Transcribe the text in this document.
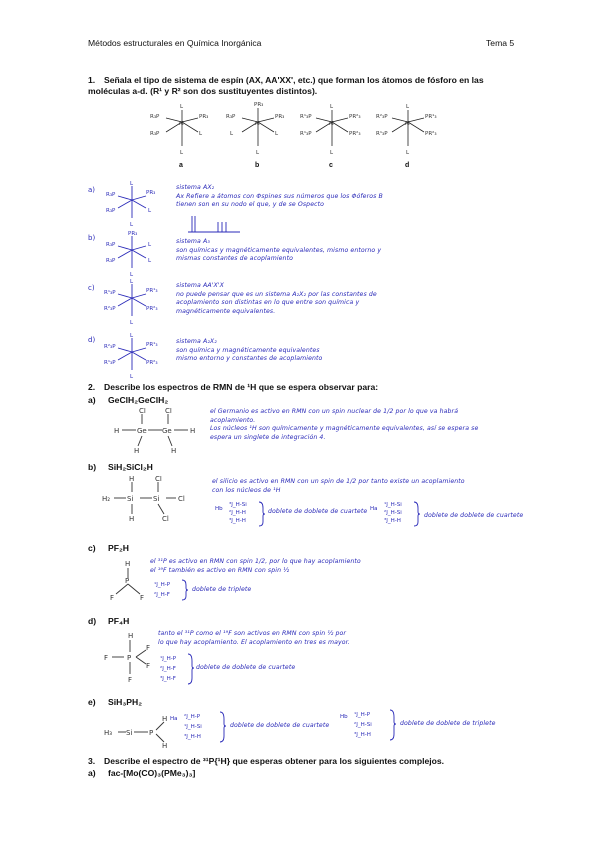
Métodos estructurales en Química Inorgánica	Tema 5
1. Señala el tipo de sistema de espín (AX, AA'XX', etc.) que forman los átomos de fósforo en las moléculas a-d. (R¹ y R² son dos sustituyentes distintos).
L
L
R₃P	PR₃
R₃P	L
M
PR₃
L
R₃P	PR₃
L	L
M
L
L
R¹₃P	PR²₃
R¹₃P	PR²₃
M
L
L
R²₃P	PR¹₃
R¹₃P	PR²₃
M
a	b	c	d
a)
L
R₃P	PR₃
R₃P	L
L
sistema AX₂
Ax Refiere a átomos con Φspines sus números que los Φóferos B
tienen son en su nodo el que, y de se Ospecto
b)	PR₃
R₃P	L
R₃P	L
L
sistema A₃
son químicas y magnéticamente equivalentes, mismo entorno y
mismas constantes de acoplamiento
c)
L
R¹₃P	PR¹₃
R²₃P	PR²₃
L
sistema AA'X'X
no puede pensar que es un sistema A₂X₂ por las constantes de
acoplamiento son distintas en lo que entre son química y
magnéticamente equivalentes.
d)	L
R²₃P	PR¹₃
R¹₃P	PR²₃
L
sistema A₂X₂
son química y magnéticamente equivalentes
mismo entorno y constantes de acoplamiento
2. Describe los espectros de RMN de ¹H que se espera observar para:
a) GeClH₂GeClH₂
H	Ge Ge	H
Cl	Cl
H	H
el Germanio es activo en RMN con un spin nuclear de 1/2 por lo que va habrá
acoplamiento.
Los núcleos ¹H son químicamente y magnéticamente equivalentes, así se espera se
espera un singlete de integración 4.
b) SiH₂SiCl₂H
H₂ Si	Si	Cl
H	Cl
H	Cl
el silicio es activo en RMN con un spin de 1/2 por tanto existe un acoplamiento
con los núcleos de ¹H
Hb
³J_H-Si
²J_H-H
³J_H-H
doblete de doblete de cuartete Ha
¹J_H-Si
²J_H-Si
³J_H-H
doblete de doblete de cuartete
c) PF₂H
H
P
F	F
el ³¹P es activo en RMN con spin 1/2, por lo que hay acoplamiento
el ¹⁹F también es activo en RMN con spin ½
¹J_H-P
²J_H-F
doblete de triplete
d) PF₄H
H
P
F
F
F
F
tanto el ³¹P como el ¹⁹F son activos en RMN con spin ½ por
lo que hay acoplamiento. El acoplamiento en tres es mayor.
¹J_H-P
²J_H-F
³J_H-F
doblete de doblete de cuartete
e) SiH₃PH₂
H₃ Si P
H
H
Ha ²J_H-P
¹J_H-Si
³J_H-H
doblete de doblete de cuartete
Hb ¹J_H-P
²J_H-Si
³J_H-H
doblete de doblete de triplete
3. Describe el espectro de ³¹P{¹H} que esperas obtener para los siguientes complejos.
a) fac-[Mo(CO)₃(PMe₃)₃]
